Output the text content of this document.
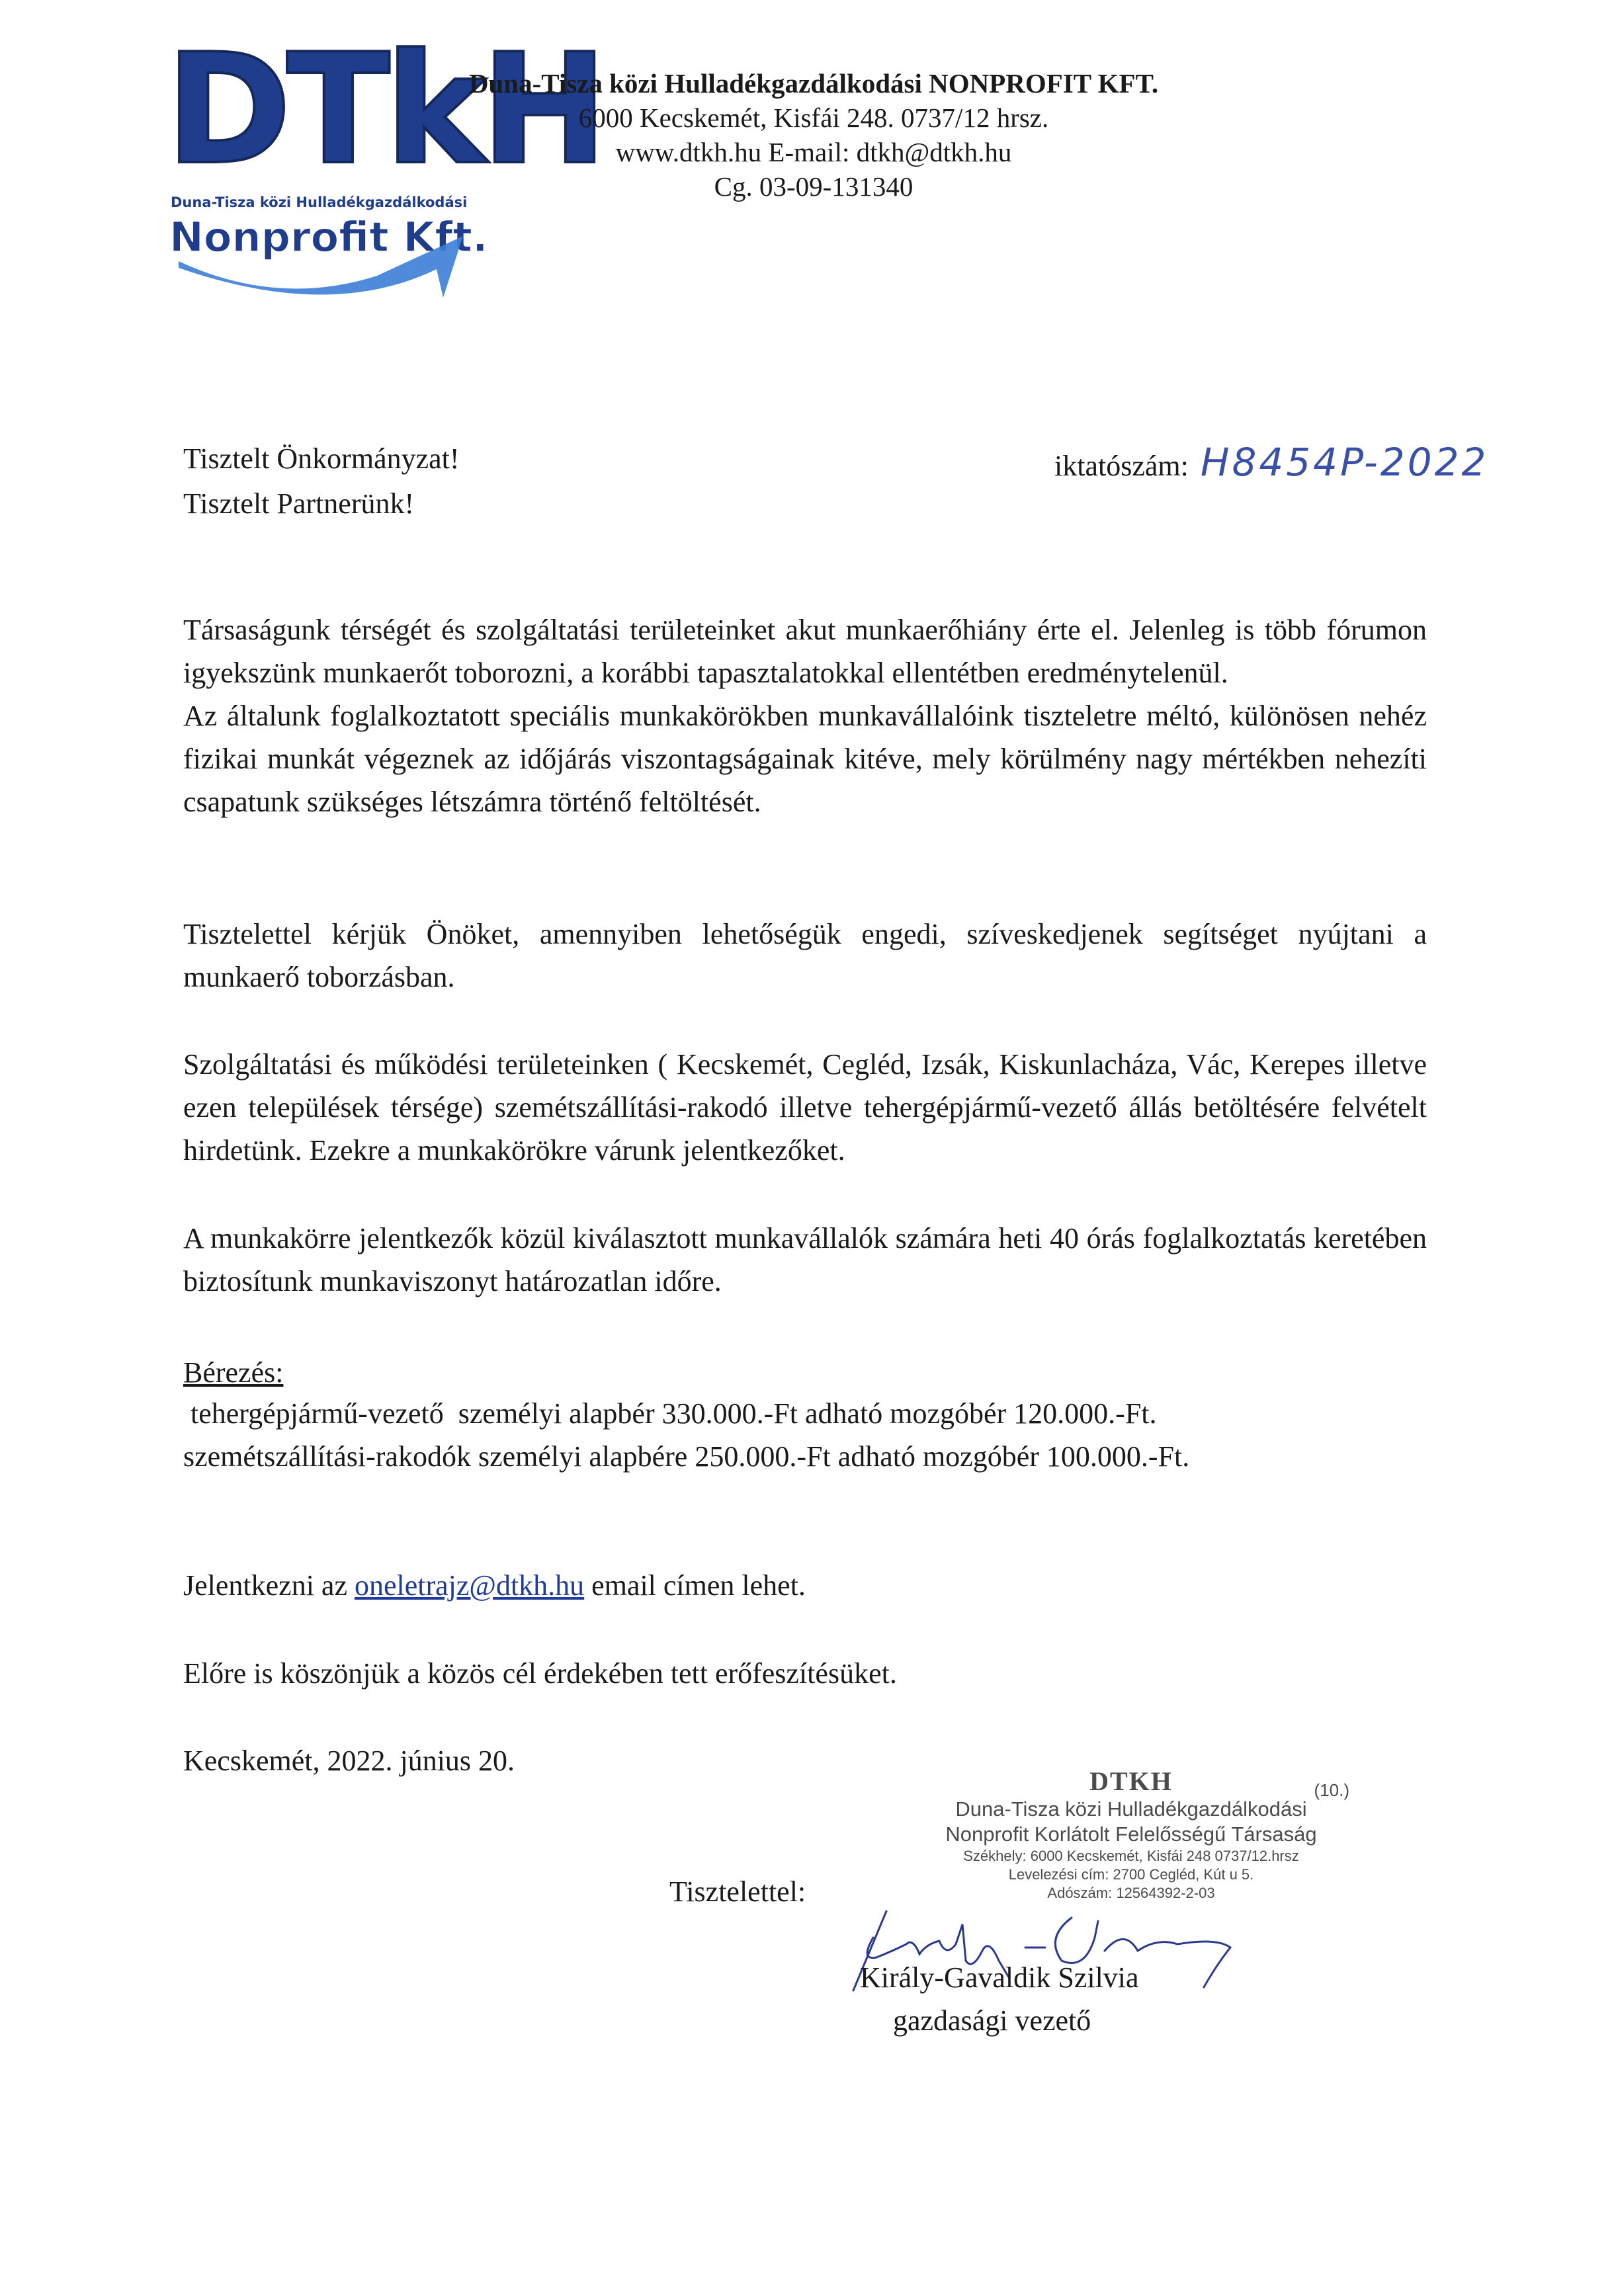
DTkH
Duna-Tisza közi Hulladékgazdálkodási
Nonprofit Kft.
Duna-Tisza közi Hulladékgazdálkodási NONPROFIT KFT.
6000 Kecskemét, Kisfái 248. 0737/12 hrsz.
www.dtkh.hu E-mail: dtkh@dtkh.hu
Cg. 03-09-131340
Tisztelt Önkormányzat!
Tisztelt Partnerünk!
iktatószám: H8454P-2022

Társaságunk térségét és szolgáltatási területeinket akut munkaerőhiány érte el. Jelenleg is több fórumon igyekszünk munkaerőt toborozni, a korábbi tapasztalatokkal ellentétben eredménytelenül.

Az általunk foglalkoztatott speciális munkakörökben munkavállalóink tiszteletre méltó, különösen nehéz fizikai munkát végeznek az időjárás viszontagságainak kitéve, mely körülmény nagy mértékben nehezíti csapatunk szükséges létszámra történő feltöltését.

Tisztelettel kérjük Önöket, amennyiben lehetőségük engedi, szíveskedjenek segítséget nyújtani a munkaerő toborzásban.

Szolgáltatási és működési területeinken ( Kecskemét, Cegléd, Izsák, Kiskunlacháza, Vác, Kerepes illetve ezen települések térsége) szemétszállítási-rakodó illetve tehergépjármű-vezető állás betöltésére felvételt hirdetünk. Ezekre a munkakörökre várunk jelentkezőket.

A munkakörre jelentkezők közül kiválasztott munkavállalók számára heti 40 órás foglalkoztatás keretében biztosítunk munkaviszonyt határozatlan időre.

Bérezés:
tehergépjármű-vezető  személyi alapbér 330.000.-Ft adható mozgóbér 120.000.-Ft.
szemétszállítási-rakodók személyi alapbére 250.000.-Ft adható mozgóbér 100.000.-Ft.
Jelentkezni az oneletrajz@dtkh.hu email címen lehet.
Előre is köszönjük a közös cél érdekében tett erőfeszítésüket.
Kecskemét, 2022. június 20.
DTKH	(10.)
Duna-Tisza közi Hulladékgazdálkodási
Nonprofit Korlátolt Felelősségű Társaság
Székhely: 6000 Kecskemét, Kisfái 248 0737/12.hrsz
Levelezési cím: 2700 Cegléd, Kút u 5.
Adószám: 12564392-2-03
Tisztelettel:
Király-Gavaldik Szilvia
gazdasági vezető
